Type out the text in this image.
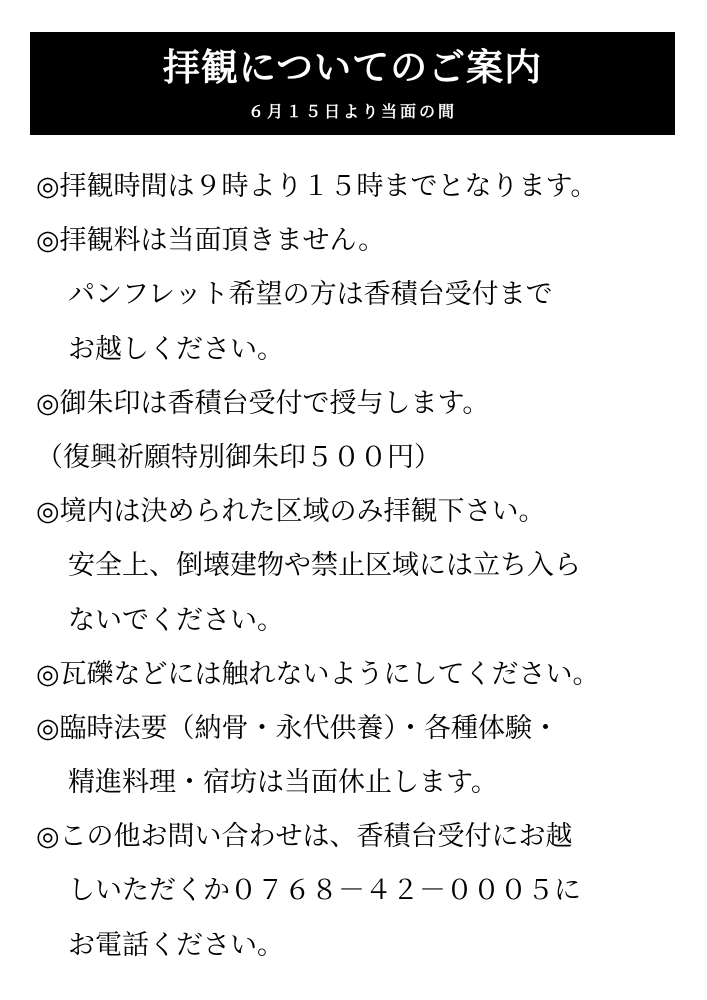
拝観についてのご案内
６月１５日より当面の間
◎拝観時間は９時より１５時までとなります。
◎拝観料は当面頂きません。
パンフレット希望の方は香積台受付まで
お越しください。
◎御朱印は香積台受付で授与します。
（復興祈願特別御朱印５００円）
◎境内は決められた区域のみ拝観下さい。
安全上、倒壊建物や禁止区域には立ち入ら
ないでください。
◎瓦礫などには触れないようにしてください。
◎臨時法要（納骨・永代供養）・各種体験・
精進料理・宿坊は当面休止します。
◎この他お問い合わせは、香積台受付にお越
しいただくか０７６８－４２－０００５に
お電話ください。
